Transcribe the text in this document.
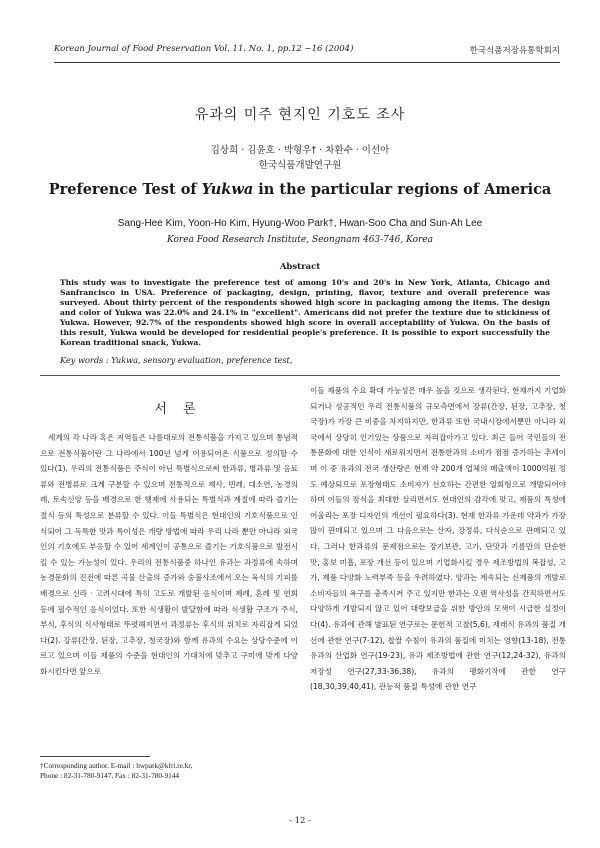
Korean Journal of Food Preservation Vol. 11. No. 1, pp.12 ~16 (2004)	한국식품저장유통학회지
유과의 미주 현지인 기호도 조사
김상희 · 김윤호 · 박형우† · 차환수 · 이선아
한국식품개발연구원
Preference Test of Yukwa in the particular regions of America
Sang-Hee Kim, Yoon-Ho Kim, Hyung-Woo Park†, Hwan-Soo Cha and Sun-Ah Lee
Korea Food Research Institute, Seongnam 463-746, Korea
Abstract

This study was to investigate the preference test of among 10's and 20's in New York, Atlanta, Chicago and Sanfrancisco in USA. Preference of packaging, design, printing, flavor, texture and overall preference was surveyed. About thirty percent of the respondents showed high score in packaging among the items. The design and color of Yukwa was 22.0% and 24.1% in "excellent". Americans did not prefer the texture due to stickiness of Yukwa. However, 92.7% of the respondents showed high score in overall acceptability of Yukwa. On the basis of this result, Yukwa would be developed for residential people's preference. It is possible to export successfully the Korean traditional snack, Yukwa.

Key words : Yukwa, sensory evaluation, preference test,
서 론

세계의 각 나라 혹은 지역들은 나름대로의 전통식품을 가지고 있으며 통념적으로 전통식품이란 그 나라에서 100년 넘게 이용되어온 식품으로 정의할 수 있다(1). 우리의 전통식품은 주식이 아닌 특별식으로써 한과류, 병과류 및 음료류와 전병류로 크게 구분할 수 있으며 전통적으로 제사, 빈례, 대소연, 농경의례, 토속신앙 등을 배경으로 한 행제에 사용되는 특별식과 계절에 따라 즐기는 절식 등의 특성으로 분류할 수 있다. 이들 특별식은 현대인의 기호식품으로 인식되어 그 독특한 맛과 특이성은 개량 방법에 따라 우리 나라 뿐만 아니라 외국인의 기호에도 부응할 수 있어 세계인이 공통으로 즐기는 기호식품으로 발전시킬 수 있는 가능성이 있다. 우리의 전통식품중 하나인 유과는 과정류에 속하며 농경문화의 진전에 따른 곡물 산출의 증가와 숭불사조에서 오는 육식의 기피를 배경으로 신라 · 고려시대에 특히 고도로 개발된 음식이며 제례, 혼례 및 연회 등에 필수적인 음식이었다. 또한 식생활이 발달함에 따라 식생활 구조가 주식, 부식, 후식의 식사형태로 뚜렷해지면서 과정류는 후식의 위치로 자리잡게 되었다(2). 강류(간장, 된장, 고추장, 청국장)와 함께 유과의 수요는 상당수준에 이르고 있으며 이들 제품의 수준을 현대인의 기대치에 맞추고 구미에 맞게 다양화시킨다면 앞으로

이들 제품의 수요 확대 가능성은 매우 높을 것으로 생각된다. 현재까지 기업화되거나 성공적인 우리 전통식품의 규모측면에서 장류(간장, 된장, 고추장, 청국장)가 가장 큰 비중을 차지하지만, 한과류 또한 국내시장에서뿐만 아니라 외국에서 상당히 인기있는 상품으로 자리잡아가고 있다. 최근 들어 국민들의 전통문화에 대한 인식이 새로워지면서 전통한과의 소비가 점점 증가하는 추세이며 이 중 유과의 전국 생산량은 현재 약 200개 업체의 매출액이 1000억원 정도 예상되므로 포장형태도 소비자가 선호하는 간편한 일회형으로 개발되어야 하며 이들의 잠식을 최대한 살리면서도 현대인의 감각에 맞고, 제품의 특성에 어울리는 포장 디자인의 개선이 필요하다(3). 현재 한과류 가운데 약과가 가장 많이 판매되고 있으며 그 다음으로는 산자, 강정류, 다식순으로 판매되고 있다. 그러나 한과류의 문제점으로는 장기보관, 고가, 단맛과 기름만의 단순한 맛, 홍보 미흡, 포장 개선 등이 있으며 기업화시킬 경우 제조방법의 복잡성, 고가, 제품 다양화 노력부족 등을 우려하였다. 양과는 계속되는 신제품의 개발로 소비자들의 욕구를 충족시켜 주고 있지만 한과는 오랜 역사성을 간직하면서도 다양하게 개발되지 않고 있어 대량보급을 위한 방안의 모색이 시급한 실정이다(4). 유과에 관해 발표된 연구로는 문헌적 고찰(5,6), 재래식 유과의 품질 개선에 관한 연구(7-12), 찹쌀 수침이 유과의 품질에 미치는 영향(13-18), 전통유과의 산업화 연구(19-23), 유과 제조방법에 관한 연구(12,24-32), 유과의 저장성 연구(27,33-36,38), 유과의 팽화기작에 관한 연구(18,30,39,40,41), 관능적 품질 특성에 관한 연구

†Corresponding author. E-mail : hwpark@kfri.re.kr,
Phone : 82-31-780-9147, Fax : 82-31-780-9144
- 12 -
